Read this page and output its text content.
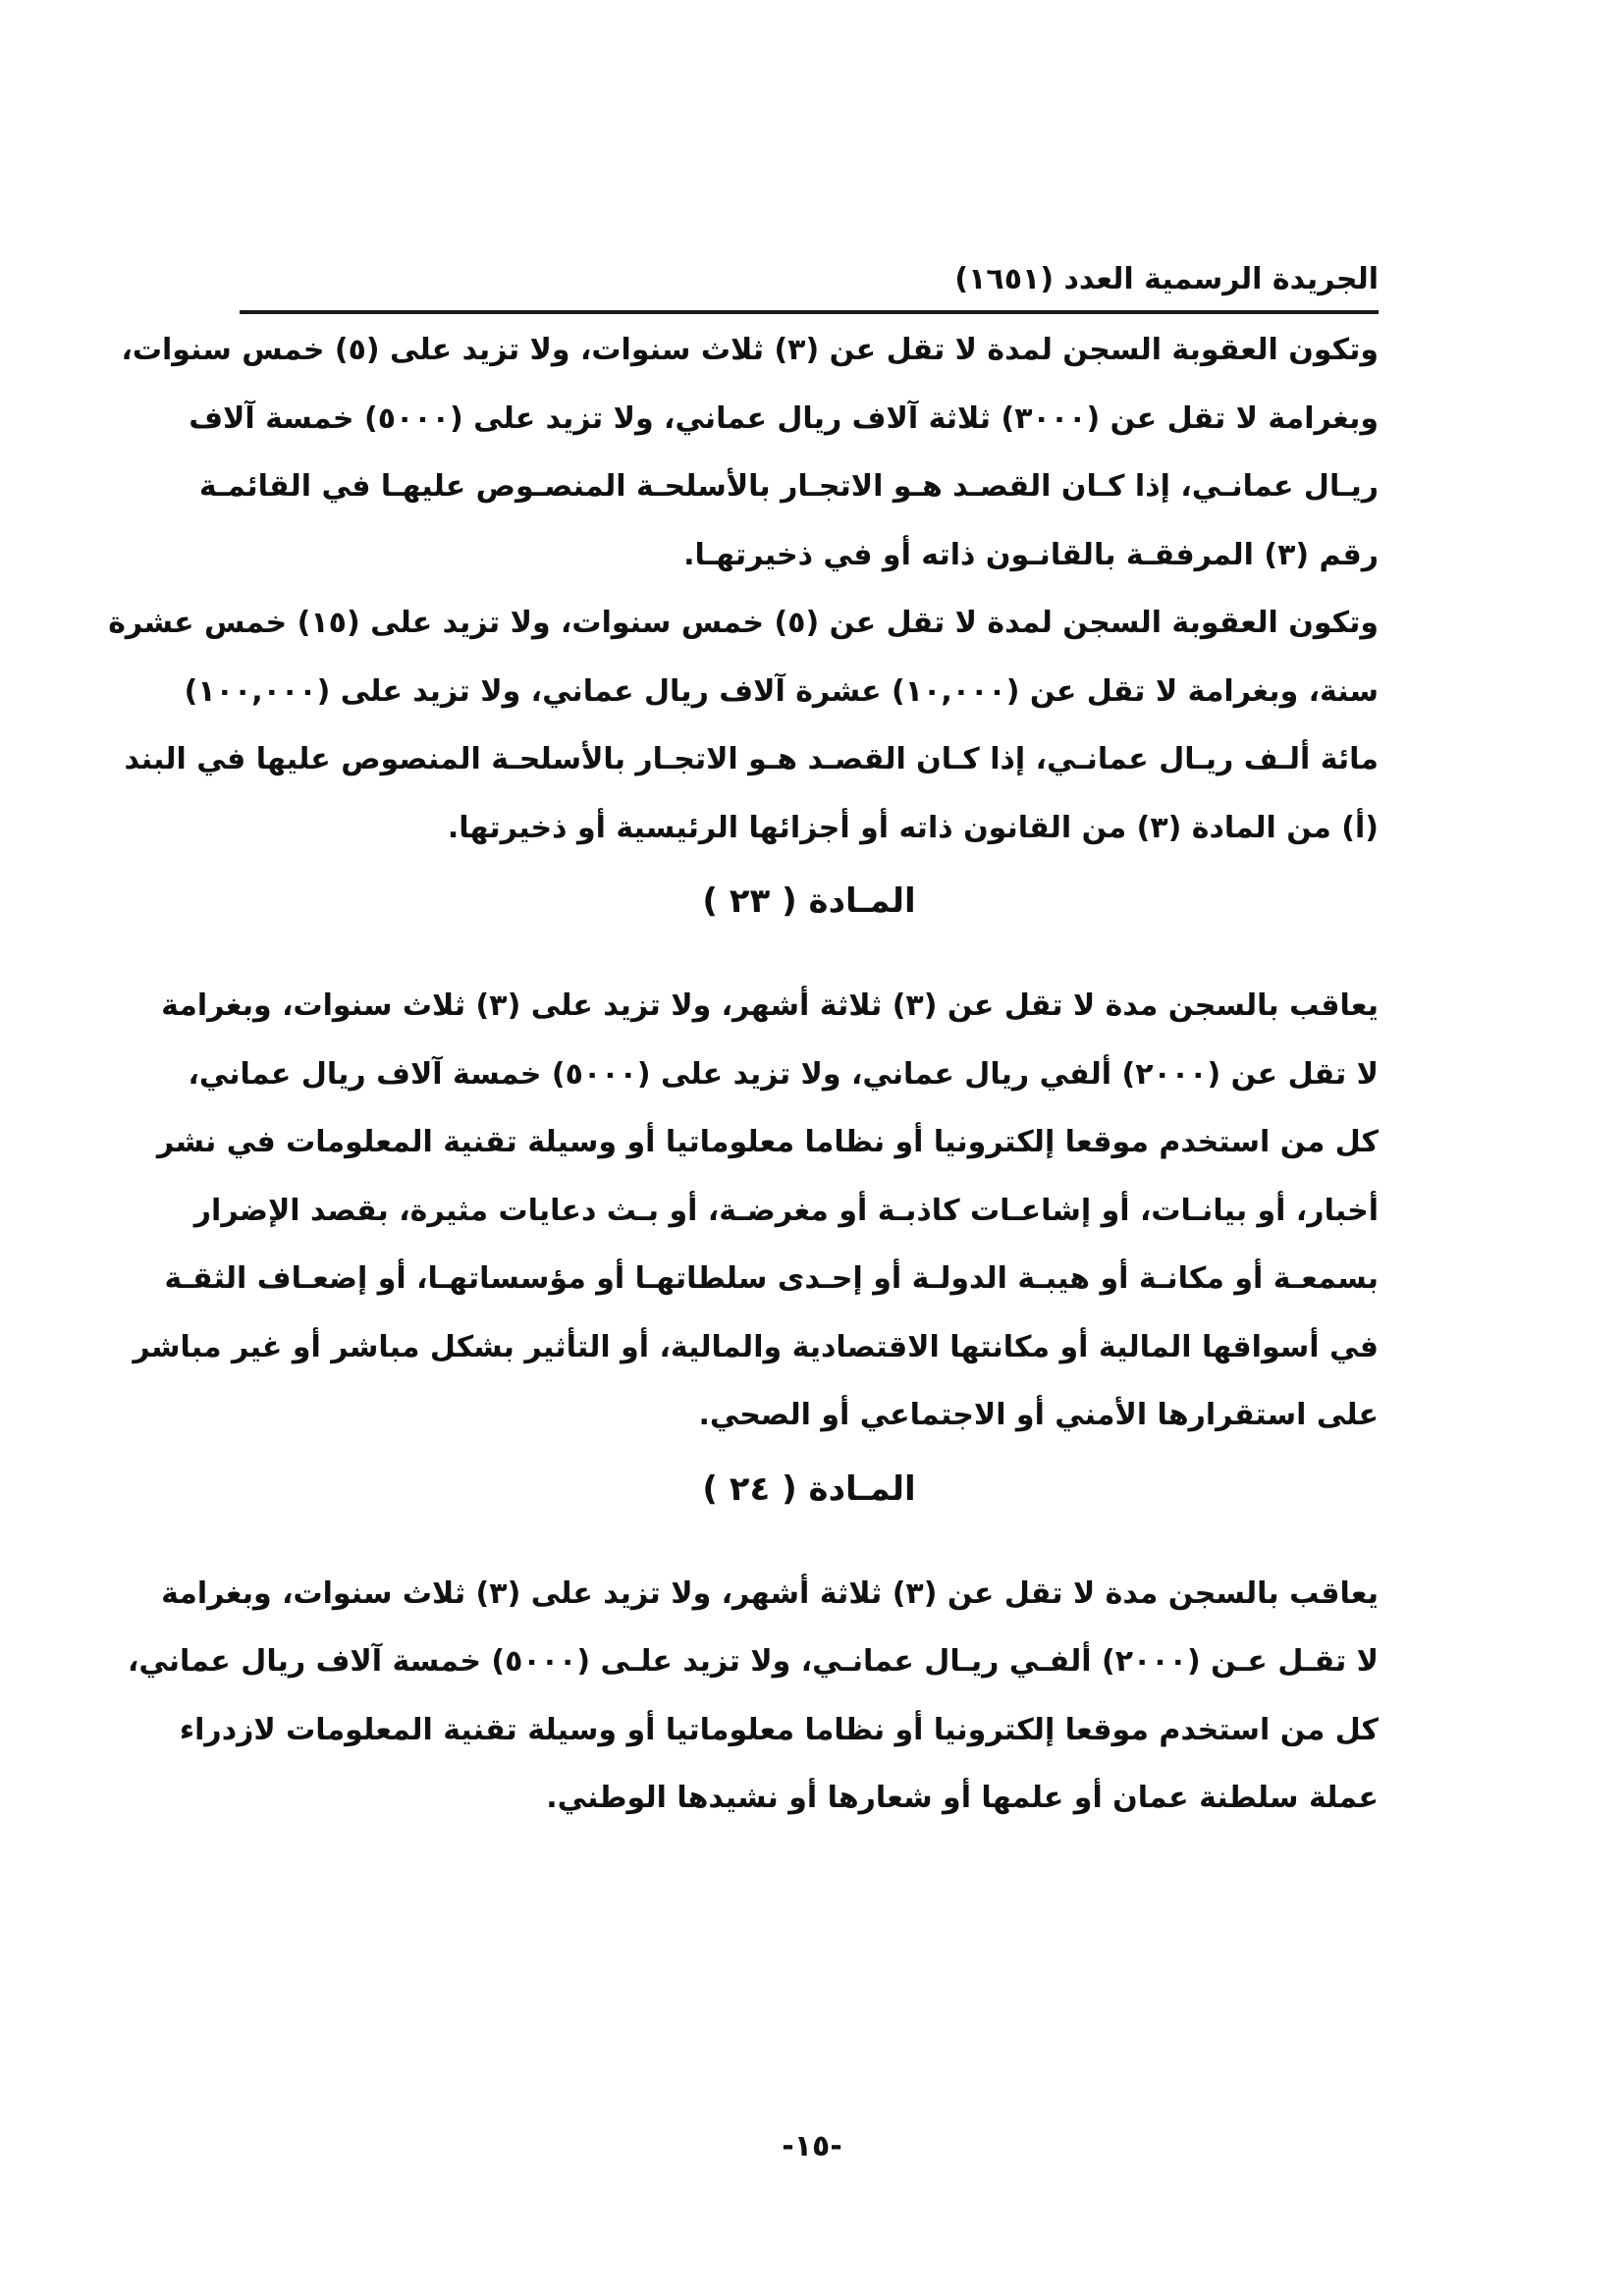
الجريدة الرسمية العدد (١٦٥١)
وتكون العقوبة السجن لمدة لا تقل عن (٣) ثلاث سنوات، ولا تزيد على (٥) خمس سنوات،
وبغرامة لا تقل عن (٣٠٠٠) ثلاثة آلاف ريال عماني، ولا تزيد على (٥٠٠٠) خمسة آلاف
ريـال عمانـي، إذا كـان القصـد هـو الاتجـار بالأسلحـة المنصـوص عليهـا في القائمـة
رقم (٣) المرفقـة بالقانـون ذاته أو في ذخيرتهـا.
وتكون العقوبة السجن لمدة لا تقل عن (٥) خمس سنوات، ولا تزيد على (١٥) خمس عشرة
سنة، وبغرامة لا تقل عن (١٠,٠٠٠) عشرة آلاف ريال عماني، ولا تزيد على (١٠٠,٠٠٠)
مائة ألـف ريـال عمانـي، إذا كـان القصـد هـو الاتجـار بالأسلحـة المنصوص عليها في البند
(أ) من المادة (٣) من القانون ذاته أو أجزائها الرئيسية أو ذخيرتها.
المـادة ( ٢٣ )
يعاقب بالسجن مدة لا تقل عن (٣) ثلاثة أشهر، ولا تزيد على (٣) ثلاث سنوات، وبغرامة
لا تقل عن (٢٠٠٠) ألفي ريال عماني، ولا تزيد على (٥٠٠٠) خمسة آلاف ريال عماني،
كل من استخدم موقعا إلكترونيا أو نظاما معلوماتيا أو وسيلة تقنية المعلومات في نشر
أخبار، أو بيانـات، أو إشاعـات كاذبـة أو مغرضـة، أو بـث دعايات مثيرة، بقصد الإضرار
بسمعـة أو مكانـة أو هيبـة الدولـة أو إحـدى سلطاتهـا أو مؤسساتهـا، أو إضعـاف الثقـة
في أسواقها المالية أو مكانتها الاقتصادية والمالية، أو التأثير بشكل مباشر أو غير مباشر
على استقرارها الأمني أو الاجتماعي أو الصحي.
المـادة ( ٢٤ )
يعاقب بالسجن مدة لا تقل عن (٣) ثلاثة أشهر، ولا تزيد على (٣) ثلاث سنوات، وبغرامة
لا تقـل عـن (٢٠٠٠) ألفـي ريـال عمانـي، ولا تزيد علـى (٥٠٠٠) خمسة آلاف ريال عماني،
كل من استخدم موقعا إلكترونيا أو نظاما معلوماتيا أو وسيلة تقنية المعلومات لازدراء
عملة سلطنة عمان أو علمها أو شعارها أو نشيدها الوطني.
-١٥-
